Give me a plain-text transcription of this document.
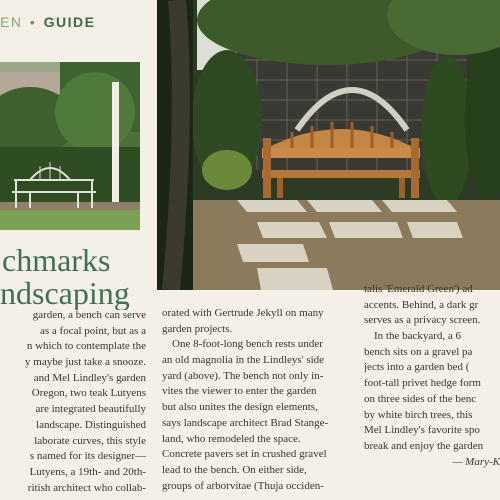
EN • GUIDE
chmarks
ndscaping
garden, a bench can serve
as a focal point, but as a
n which to contemplate the
y maybe just take a snooze.
and Mel Lindley's garden
Oregon, two teak Lutyens
are integrated beautifully
landscape. Distinguished
laborate curves, this style
s named for its designer—
Lutyens, a 19th- and 20th-
ritish architect who collab-
orated with Gertrude Jekyll on many
garden projects.
One 8-foot-long bench rests under
an old magnolia in the Lindleys' side
yard (above). The bench not only in-
vites the viewer to enter the garden
but also unites the design elements,
says landscape architect Brad Stange-
land, who remodeled the space.
Concrete pavers set in crushed gravel
lead to the bench. On either side,
groups of arborvitae (Thuja occiden-
talis 'Emerald Green') ad
accents. Behind, a dark gr
serves as a privacy screen.
In the backyard, a 6
bench sits on a gravel pa
jects into a garden bed (
foot-tall privet hedge form
on three sides of the benc
by white birch trees, this
Mel Lindley's favorite spo
break and enjoy the garden
— Mary-K
